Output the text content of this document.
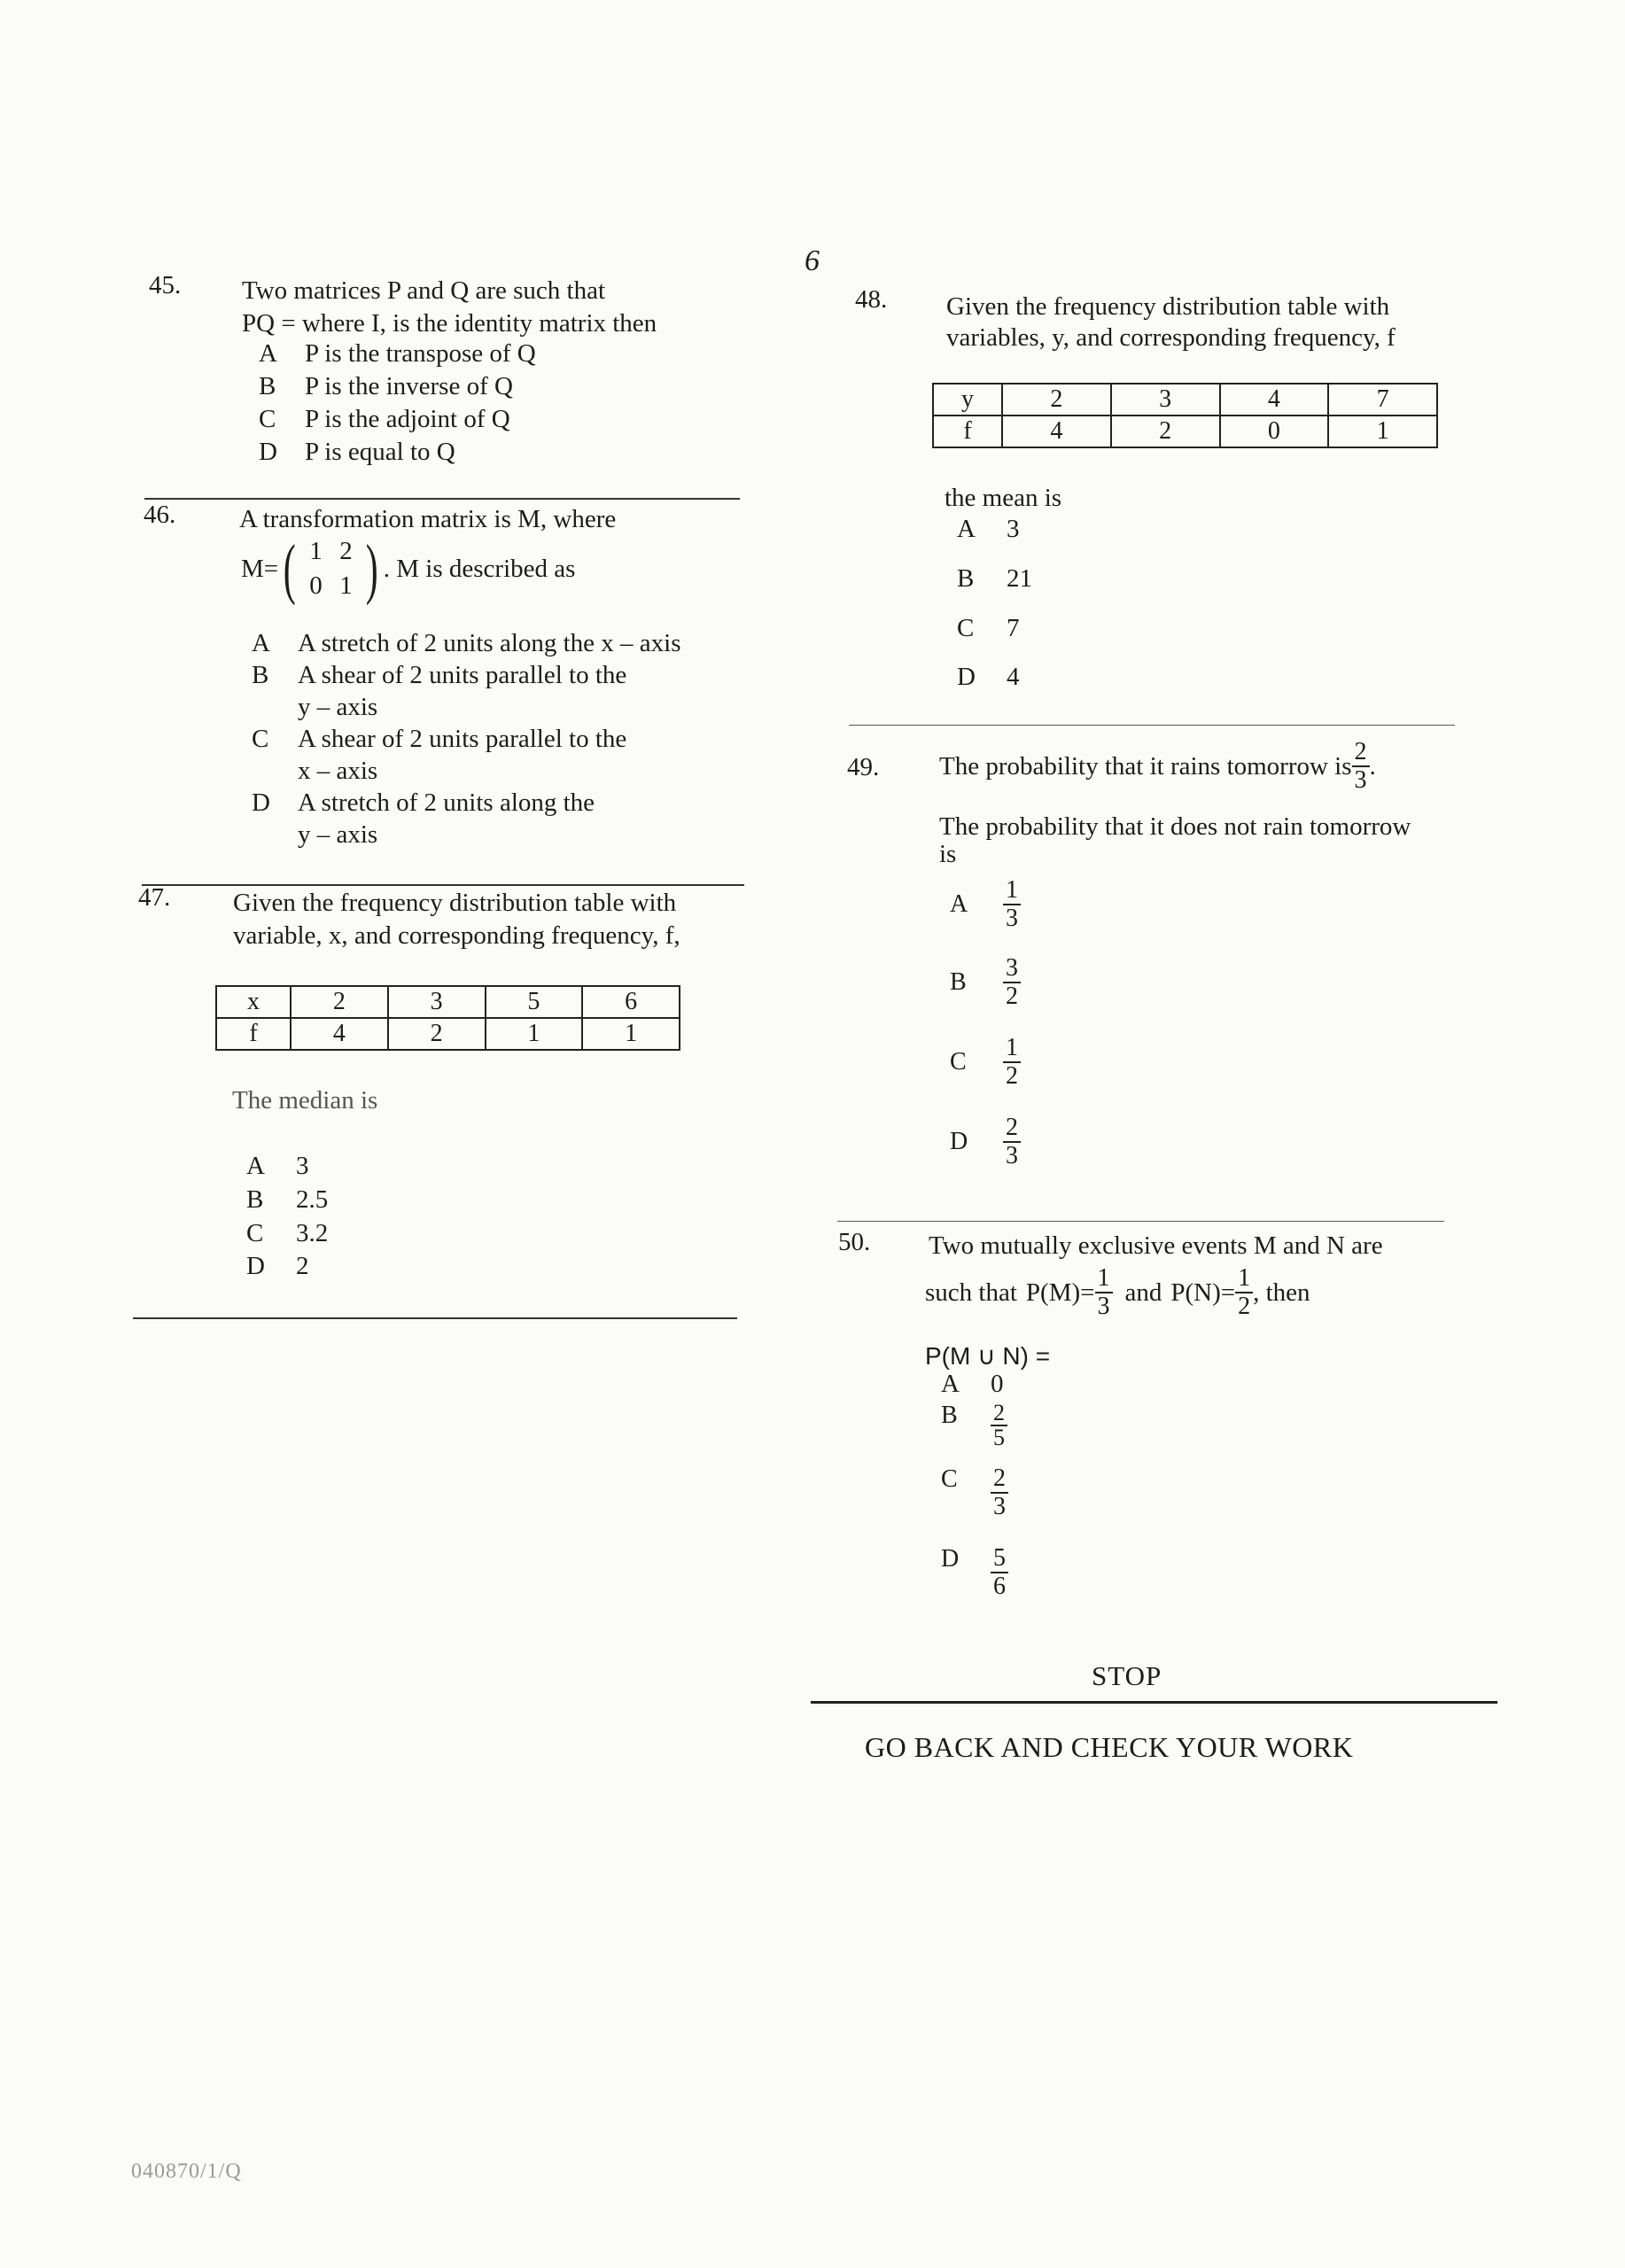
6
45. Two matrices P and Q are such that
PQ = where I, is the identity matrix then
A P is the transpose of Q
B P is the inverse of Q
C P is the adjoint of Q
D P is equal to Q
46. A transformation matrix is M, where
M= ( 1 2
0 1 ) . M is described as
A A stretch of 2 units along the x – axis
B A shear of 2 units parallel to the
y – axis
C A shear of 2 units parallel to the
x – axis
D A stretch of 2 units along the
y – axis
47. Given the frequency distribution table with
variable, x, and corresponding frequency, f,
x	2	3	5	6
f	4	2	1	1
The median is
A 3
B 2.5
C 3.2
D 2
48. Given the frequency distribution table with
variables, y, and corresponding frequency, f
y	2	3	4	7
f	4	2	0	1
the mean is
A 3
B 21
C 7
D 4
49. The probability that it rains tomorrow is $\frac{2}{3}$ .
The probability that it does not rain tomorrow
is
A	$\frac{1}{3}$
B	$\frac{3}{2}$
C	$\frac{1}{2}$
D	$\frac{2}{3}$
50. Two mutually exclusive events M and N are
such that $P(M)= \frac{1}{3}$ and $P(N)= \frac{1}{2}$ , then
P(M ∪ N) =
A 0
B	$\frac{2}{5}$
C	$\frac{2}{3}$
D	$\frac{5}{6}$
STOP
GO BACK AND CHECK YOUR WORK
040870/1/Q
